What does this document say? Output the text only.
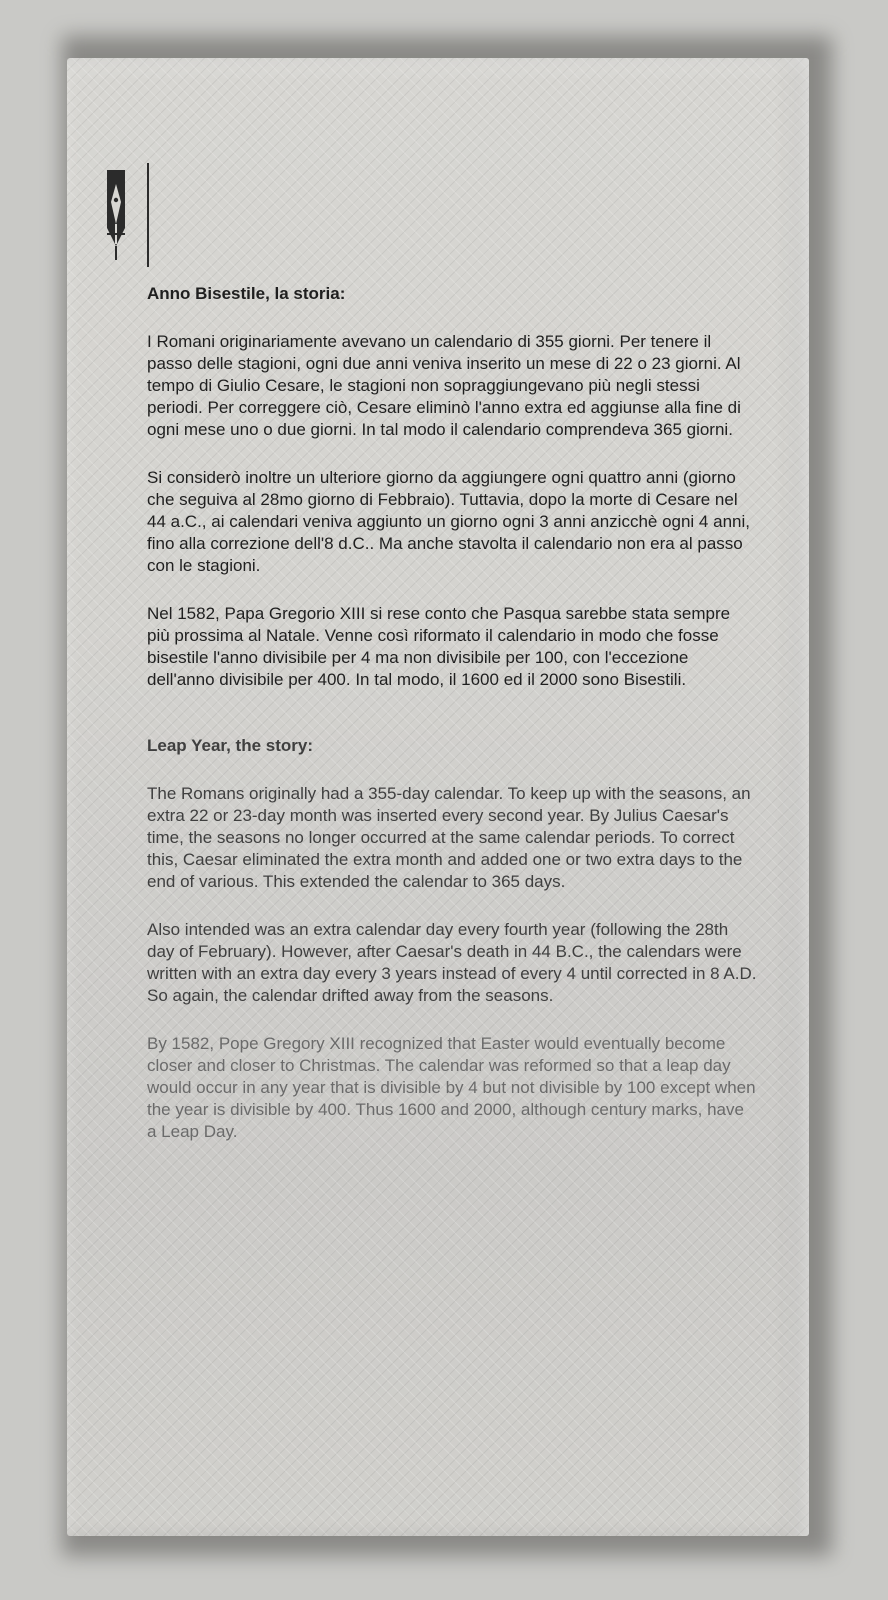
Anno Bisestile, la storia:

I Romani originariamente avevano un calendario di 355 giorni. Per tenere il passo delle stagioni, ogni due anni veniva inserito un mese di 22 o 23 giorni. Al tempo di Giulio Cesare, le stagioni non sopraggiungevano più negli stessi periodi. Per correggere ciò, Cesare eliminò l'anno extra ed aggiunse alla fine di ogni mese uno o due giorni. In tal modo il calendario comprendeva 365 giorni.

Si considerò inoltre un ulteriore giorno da aggiungere ogni quattro anni (giorno che seguiva al 28mo giorno di Febbraio). Tuttavia, dopo la morte di Cesare nel 44 a.C., ai calendari veniva aggiunto un giorno ogni 3 anni anzicchè ogni 4 anni, fino alla correzione dell'8 d.C.. Ma anche stavolta il calendario non era al passo con le stagioni.

Nel 1582, Papa Gregorio XIII si rese conto che Pasqua sarebbe stata sempre più prossima al Natale. Venne così riformato il calendario in modo che fosse bisestile l'anno divisibile per 4 ma non divisibile per 100, con l'eccezione dell'anno divisibile per 400. In tal modo, il 1600 ed il 2000 sono Bisestili.

Leap Year, the story:

The Romans originally had a 355-day calendar. To keep up with the seasons, an extra 22 or 23-day month was inserted every second year. By Julius Caesar's time, the seasons no longer occurred at the same calendar periods. To correct this, Caesar eliminated the extra month and added one or two extra days to the end of various. This extended the calendar to 365 days.

Also intended was an extra calendar day every fourth year (following the 28th day of February). However, after Caesar's death in 44 B.C., the calendars were written with an extra day every 3 years instead of every 4 until corrected in 8 A.D. So again, the calendar drifted away from the seasons.

By 1582, Pope Gregory XIII recognized that Easter would eventually become closer and closer to Christmas. The calendar was reformed so that a leap day would occur in any year that is divisible by 4 but not divisible by 100 except when the year is divisible by 400. Thus 1600 and 2000, although century marks, have a Leap Day.
